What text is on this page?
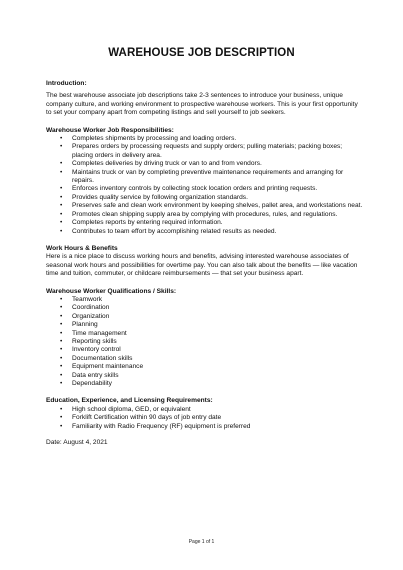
WAREHOUSE JOB DESCRIPTION

Introduction:

The best warehouse associate job descriptions take 2-3 sentences to introduce your business, unique company culture, and working environment to prospective warehouse workers. This is your first opportunity to set your company apart from competing listings and sell yourself to job seekers.

Warehouse Worker Job Responsibilities:

• Completes shipments by processing and loading orders.
• Prepares orders by processing requests and supply orders; pulling materials; packing boxes; placing orders in delivery area.
• Completes deliveries by driving truck or van to and from vendors.
• Maintains truck or van by completing preventive maintenance requirements and arranging for repairs.
• Enforces inventory controls by collecting stock location orders and printing requests.
• Provides quality service by following organization standards.
• Preserves safe and clean work environment by keeping shelves, pallet area, and workstations neat.
• Promotes clean shipping supply area by complying with procedures, rules, and regulations.
• Completes reports by entering required information.
• Contributes to team effort by accomplishing related results as needed.

Work Hours & Benefits

Here is a nice place to discuss working hours and benefits, advising interested warehouse associates of seasonal work hours and possibilities for overtime pay. You can also talk about the benefits — like vacation time and tuition, commuter, or childcare reimbursements — that set your business apart.

Warehouse Worker Qualifications / Skills:

• Teamwork
• Coordination
• Organization
• Planning
• Time management
• Reporting skills
• Inventory control
• Documentation skills
• Equipment maintenance
• Data entry skills
• Dependability

Education, Experience, and Licensing Requirements:

• High school diploma, GED, or equivalent
• Forklift Certification within 90 days of job entry date
• Familiarity with Radio Frequency (RF) equipment is preferred

Date: August 4, 2021

Page 1 of 1
